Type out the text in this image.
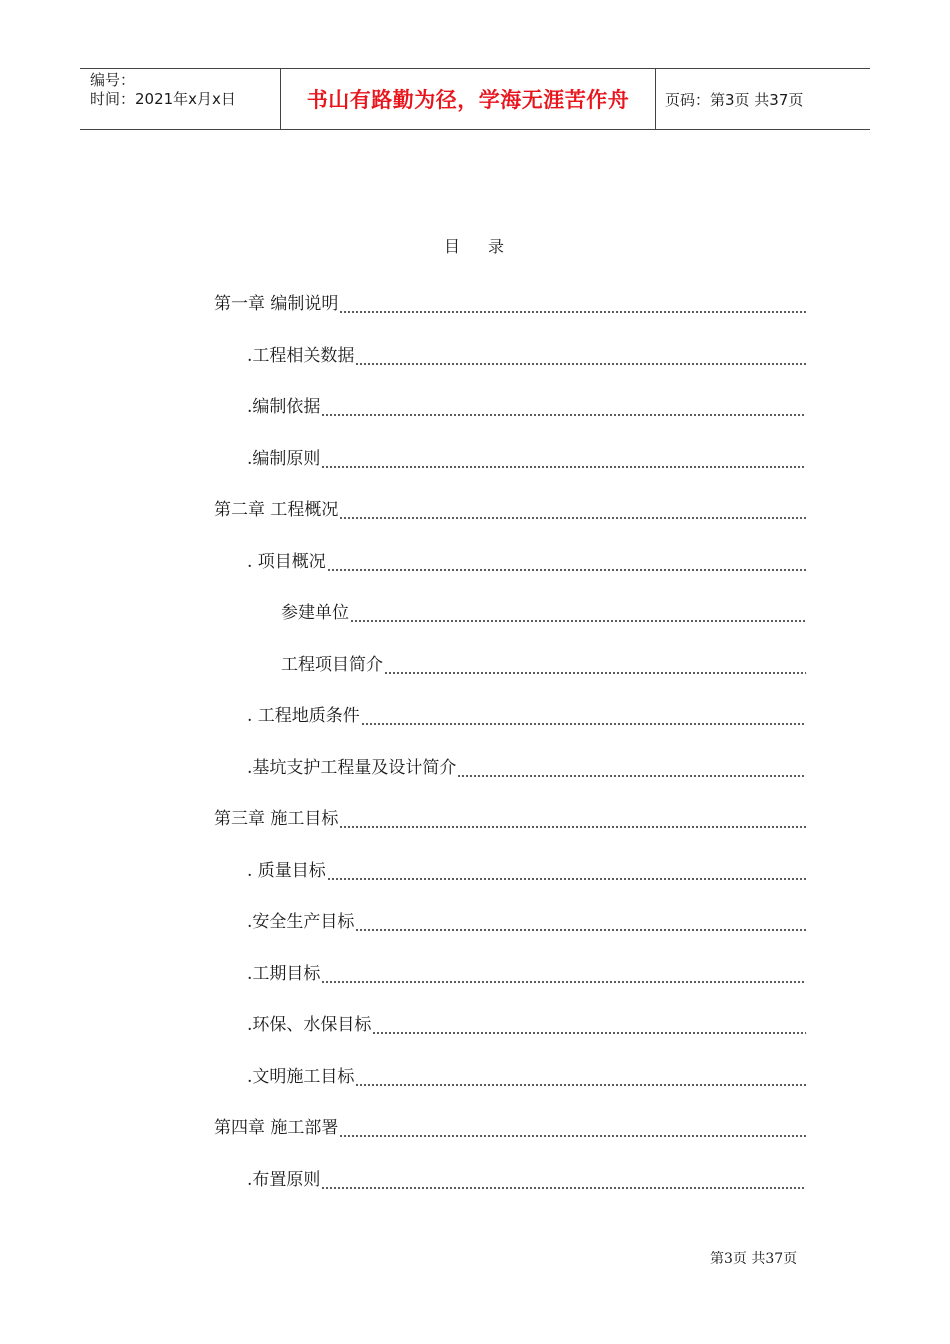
编号：
时间：2021年x月x日	书山有路勤为径，学海无涯苦作舟	页码：第3页 共37页
目 录
第一章 编制说明
.工程相关数据
.编制依据
.编制原则
第二章 工程概况
. 项目概况
参建单位
工程项目简介
. 工程地质条件
.基坑支护工程量及设计简介
第三章 施工目标
. 质量目标
.安全生产目标
.工期目标
.环保、水保目标
.文明施工目标
第四章 施工部署
.布置原则
第3页 共37页
